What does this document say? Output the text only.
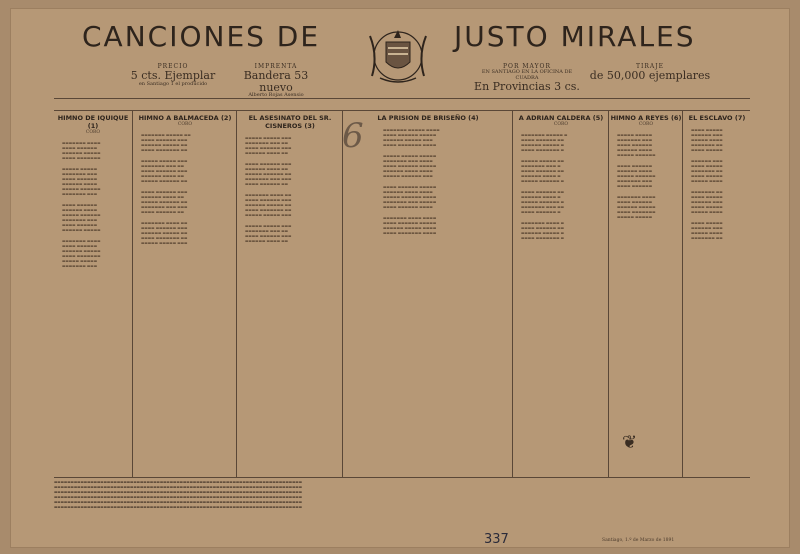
CANCIONES DE	JUSTO MIRALES
PRECIO
5 cts. Ejemplar
en Santiago 1 el producido
IMPRENTA
Bandera 53 nuevo
Alberto Rojas Asensio
POR MAYOR
EN SANTIAGO EN LA OFICINA DE CUADRA
En Provincias 3 cs.
TIRAJE
de 50,000 ejemplares
HIMNO DE IQUIQUE (1)
CORO

▬▬▬▬▬▬▬ ▬▬▬▬
▬▬▬▬ ▬▬▬▬▬▬
▬▬▬▬▬▬ ▬▬▬▬▬
▬▬▬▬ ▬▬▬▬▬▬▬

▬▬▬▬▬ ▬▬▬▬▬
▬▬▬▬▬▬▬ ▬▬▬
▬▬▬▬ ▬▬▬▬▬▬
▬▬▬▬▬▬ ▬▬▬▬
▬▬▬▬▬ ▬▬▬▬▬▬
▬▬▬▬▬▬▬ ▬▬▬

▬▬▬▬ ▬▬▬▬▬▬
▬▬▬▬▬▬ ▬▬▬▬
▬▬▬▬▬ ▬▬▬▬▬▬
▬▬▬▬▬▬▬ ▬▬▬
▬▬▬▬ ▬▬▬▬▬▬
▬▬▬▬▬▬ ▬▬▬▬▬

▬▬▬▬▬▬▬ ▬▬▬▬
▬▬▬▬ ▬▬▬▬▬▬
▬▬▬▬▬▬ ▬▬▬▬▬
▬▬▬▬ ▬▬▬▬▬▬▬
▬▬▬▬▬ ▬▬▬▬▬
▬▬▬▬▬▬▬ ▬▬▬

HIMNO A BALMACEDA (2)
CORO

▬▬▬▬▬▬▬ ▬▬▬▬▬ ▬▬
▬▬▬▬ ▬▬▬▬▬▬ ▬▬▬
▬▬▬▬▬▬ ▬▬▬▬▬ ▬▬
▬▬▬▬ ▬▬▬▬▬▬▬ ▬▬

▬▬▬▬▬ ▬▬▬▬▬ ▬▬▬
▬▬▬▬▬▬▬ ▬▬▬ ▬▬
▬▬▬▬ ▬▬▬▬▬▬ ▬▬▬
▬▬▬▬▬▬ ▬▬▬▬ ▬▬
▬▬▬▬▬ ▬▬▬▬▬▬ ▬▬

▬▬▬▬ ▬▬▬▬▬▬ ▬▬▬
▬▬▬▬▬▬ ▬▬▬▬ ▬▬
▬▬▬▬▬ ▬▬▬▬▬▬ ▬▬
▬▬▬▬▬▬▬ ▬▬▬ ▬▬▬
▬▬▬▬ ▬▬▬▬▬▬ ▬▬

▬▬▬▬▬▬▬ ▬▬▬▬ ▬▬
▬▬▬▬ ▬▬▬▬▬▬ ▬▬▬
▬▬▬▬▬▬ ▬▬▬▬▬ ▬▬
▬▬▬▬ ▬▬▬▬▬▬▬ ▬▬
▬▬▬▬▬ ▬▬▬▬▬ ▬▬▬

EL ASESINATO DEL SR. CISNEROS (3)

▬▬▬▬▬ ▬▬▬▬▬ ▬▬▬
▬▬▬▬▬▬▬ ▬▬▬ ▬▬
▬▬▬▬ ▬▬▬▬▬▬ ▬▬▬
▬▬▬▬▬▬ ▬▬▬▬ ▬▬

▬▬▬▬ ▬▬▬▬▬▬ ▬▬▬
▬▬▬▬▬▬ ▬▬▬▬ ▬▬
▬▬▬▬▬ ▬▬▬▬▬▬ ▬▬
▬▬▬▬▬▬▬ ▬▬▬ ▬▬▬
▬▬▬▬ ▬▬▬▬▬▬ ▬▬

▬▬▬▬▬▬▬ ▬▬▬▬ ▬▬
▬▬▬▬ ▬▬▬▬▬▬ ▬▬▬
▬▬▬▬▬▬ ▬▬▬▬▬ ▬▬
▬▬▬▬ ▬▬▬▬▬▬▬ ▬▬
▬▬▬▬▬ ▬▬▬▬▬ ▬▬▬

▬▬▬▬▬ ▬▬▬▬▬ ▬▬▬
▬▬▬▬▬▬▬ ▬▬▬ ▬▬
▬▬▬▬ ▬▬▬▬▬▬ ▬▬▬
▬▬▬▬▬▬ ▬▬▬▬ ▬▬

LA PRISION DE BRISEÑO (4)

▬▬▬▬▬▬▬ ▬▬▬▬▬ ▬▬▬▬
▬▬▬▬ ▬▬▬▬▬▬ ▬▬▬▬▬
▬▬▬▬▬▬ ▬▬▬▬▬ ▬▬▬
▬▬▬▬ ▬▬▬▬▬▬▬ ▬▬▬▬

▬▬▬▬▬ ▬▬▬▬▬ ▬▬▬▬▬
▬▬▬▬▬▬▬ ▬▬▬ ▬▬▬▬
▬▬▬▬ ▬▬▬▬▬▬ ▬▬▬▬▬
▬▬▬▬▬▬ ▬▬▬▬ ▬▬▬▬
▬▬▬▬▬ ▬▬▬▬▬▬ ▬▬▬

▬▬▬▬ ▬▬▬▬▬▬ ▬▬▬▬▬
▬▬▬▬▬▬ ▬▬▬▬ ▬▬▬▬
▬▬▬▬▬ ▬▬▬▬▬▬ ▬▬▬▬
▬▬▬▬▬▬▬ ▬▬▬ ▬▬▬▬▬
▬▬▬▬ ▬▬▬▬▬▬ ▬▬▬▬

▬▬▬▬▬▬▬ ▬▬▬▬ ▬▬▬▬
▬▬▬▬ ▬▬▬▬▬▬ ▬▬▬▬▬
▬▬▬▬▬▬ ▬▬▬▬▬ ▬▬▬▬
▬▬▬▬ ▬▬▬▬▬▬▬ ▬▬▬▬

A ADRIAN CALDERA (5)
CORO

▬▬▬▬▬▬▬ ▬▬▬▬▬ ▬
▬▬▬▬ ▬▬▬▬▬▬ ▬▬
▬▬▬▬▬▬ ▬▬▬▬▬ ▬
▬▬▬▬ ▬▬▬▬▬▬▬ ▬

▬▬▬▬▬ ▬▬▬▬▬ ▬▬
▬▬▬▬▬▬▬ ▬▬▬ ▬
▬▬▬▬ ▬▬▬▬▬▬ ▬▬
▬▬▬▬▬▬ ▬▬▬▬ ▬
▬▬▬▬▬ ▬▬▬▬▬▬ ▬

▬▬▬▬ ▬▬▬▬▬▬ ▬▬
▬▬▬▬▬▬ ▬▬▬▬ ▬
▬▬▬▬▬ ▬▬▬▬▬▬ ▬
▬▬▬▬▬▬▬ ▬▬▬ ▬▬
▬▬▬▬ ▬▬▬▬▬▬ ▬

▬▬▬▬▬▬▬ ▬▬▬▬ ▬
▬▬▬▬ ▬▬▬▬▬▬ ▬▬
▬▬▬▬▬▬ ▬▬▬▬▬ ▬
▬▬▬▬ ▬▬▬▬▬▬▬ ▬

HIMNO A REYES (6)
CORO

▬▬▬▬▬ ▬▬▬▬▬
▬▬▬▬▬▬▬ ▬▬▬
▬▬▬▬ ▬▬▬▬▬▬
▬▬▬▬▬▬ ▬▬▬▬
▬▬▬▬▬ ▬▬▬▬▬▬

▬▬▬▬ ▬▬▬▬▬▬
▬▬▬▬▬▬ ▬▬▬▬
▬▬▬▬▬ ▬▬▬▬▬▬
▬▬▬▬▬▬▬ ▬▬▬
▬▬▬▬ ▬▬▬▬▬▬

▬▬▬▬▬▬▬ ▬▬▬▬
▬▬▬▬ ▬▬▬▬▬▬
▬▬▬▬▬▬ ▬▬▬▬▬
▬▬▬▬ ▬▬▬▬▬▬▬
▬▬▬▬▬ ▬▬▬▬▬

EL ESCLAVO (7)

▬▬▬▬ ▬▬▬▬▬
▬▬▬▬▬▬ ▬▬▬
▬▬▬▬▬ ▬▬▬▬
▬▬▬▬▬▬▬ ▬▬
▬▬▬▬ ▬▬▬▬▬

▬▬▬▬▬▬ ▬▬▬
▬▬▬▬ ▬▬▬▬▬
▬▬▬▬▬▬▬ ▬▬
▬▬▬▬ ▬▬▬▬▬
▬▬▬▬▬ ▬▬▬▬

▬▬▬▬▬▬▬ ▬▬
▬▬▬▬ ▬▬▬▬▬
▬▬▬▬▬▬ ▬▬▬
▬▬▬▬ ▬▬▬▬▬
▬▬▬▬▬ ▬▬▬▬

▬▬▬▬ ▬▬▬▬▬
▬▬▬▬▬▬ ▬▬▬
▬▬▬▬▬ ▬▬▬▬
▬▬▬▬▬▬▬ ▬▬

6
❦
▬▬▬▬▬▬▬▬▬▬▬▬▬▬▬▬▬▬▬▬▬▬▬▬▬▬▬▬▬▬▬▬▬▬▬▬▬▬▬▬▬▬▬▬▬▬▬▬▬▬▬▬▬▬▬▬▬▬▬▬▬▬▬▬▬▬▬▬▬▬▬▬▬▬▬
▬▬▬▬▬▬▬▬▬▬▬▬▬▬▬▬▬▬▬▬▬▬▬▬▬▬▬▬▬▬▬▬▬▬▬▬▬▬▬▬▬▬▬▬▬▬▬▬▬▬▬▬▬▬▬▬▬▬▬▬▬▬▬▬▬▬▬▬▬▬▬▬▬▬▬
▬▬▬▬▬▬▬▬▬▬▬▬▬▬▬▬▬▬▬▬▬▬▬▬▬▬▬▬▬▬▬▬▬▬▬▬▬▬▬▬▬▬▬▬▬▬▬▬▬▬▬▬▬▬▬▬▬▬▬▬▬▬▬▬▬▬▬▬▬▬▬▬▬▬▬
▬▬▬▬▬▬▬▬▬▬▬▬▬▬▬▬▬▬▬▬▬▬▬▬▬▬▬▬▬▬▬▬▬▬▬▬▬▬▬▬▬▬▬▬▬▬▬▬▬▬▬▬▬▬▬▬▬▬▬▬▬▬▬▬▬▬▬▬▬▬▬▬▬▬▬
▬▬▬▬▬▬▬▬▬▬▬▬▬▬▬▬▬▬▬▬▬▬▬▬▬▬▬▬▬▬▬▬▬▬▬▬▬▬▬▬▬▬▬▬▬▬▬▬▬▬▬▬▬▬▬▬▬▬▬▬▬▬▬▬▬▬▬▬▬▬▬▬▬▬▬
▬▬▬▬▬▬▬▬▬▬▬▬▬▬▬▬▬▬▬▬▬▬▬▬▬▬▬▬▬▬▬▬▬▬▬▬▬▬▬▬▬▬▬▬▬▬▬▬▬▬▬▬▬▬▬▬▬▬▬▬▬▬▬▬▬▬▬▬▬▬▬▬▬▬▬
337	Santiago, 1.º de Marzo de 1891
